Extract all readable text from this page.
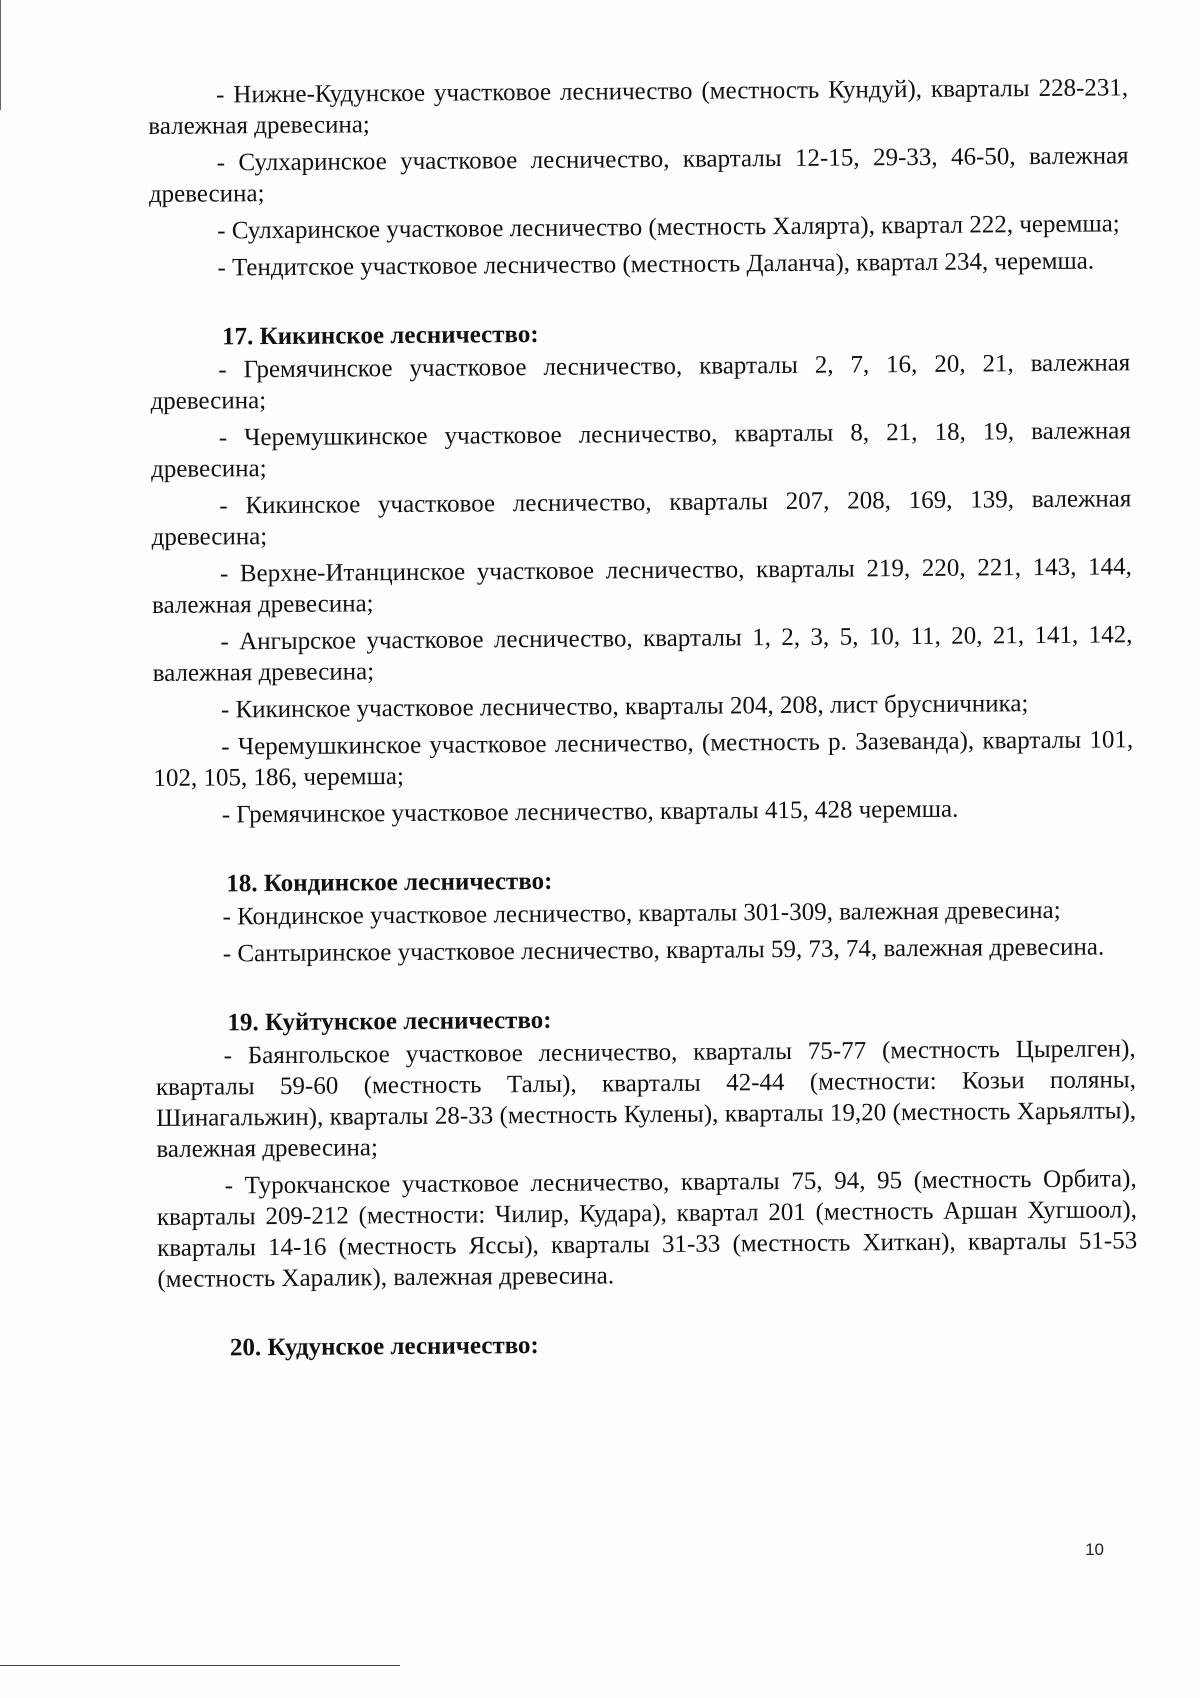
- Нижне-Кудунское участковое лесничество (местность Кундуй), кварталы 228-231, валежная древесина;

- Сулхаринское участковое лесничество, кварталы 12-15, 29-33, 46-50, валежная древесина;

- Сулхаринское участковое лесничество (местность Халярта), квартал 222, черемша;

- Тендитское участковое лесничество (местность Даланча), квартал 234, черемша.

17. Кикинское лесничество:

- Гремячинское участковое лесничество, кварталы 2, 7, 16, 20, 21, валежная древесина;

- Черемушкинское участковое лесничество, кварталы 8, 21, 18, 19, валежная древесина;

- Кикинское участковое лесничество, кварталы 207, 208, 169, 139, валежная древесина;

- Верхне-Итанцинское участковое лесничество, кварталы 219, 220, 221, 143, 144, валежная древесина;

- Ангырское участковое лесничество, кварталы 1, 2, 3, 5, 10, 11, 20, 21, 141, 142, валежная древесина;

- Кикинское участковое лесничество, кварталы 204, 208, лист брусничника;

- Черемушкинское участковое лесничество, (местность р. Зазеванда), кварталы 101, 102, 105, 186, черемша;

- Гремячинское участковое лесничество, кварталы 415, 428 черемша.

18. Кондинское лесничество:

- Кондинское участковое лесничество, кварталы 301-309, валежная древесина;

- Сантыринское участковое лесничество, кварталы 59, 73, 74, валежная древесина.

19. Куйтунское лесничество:

- Баянгольское участковое лесничество, кварталы 75-77 (местность Цырелген), кварталы 59-60 (местность Талы), кварталы 42-44 (местности: Козьи поляны, Шинагальжин), кварталы 28-33 (местность Кулены), кварталы 19,20 (местность Харьялты), валежная древесина;

- Турокчанское участковое лесничество, кварталы 75, 94, 95 (местность Орбита), кварталы 209-212 (местности: Чилир, Кудара), квартал 201 (местность Аршан Хугшоол), кварталы 14-16 (местность Яссы), кварталы 31-33 (местность Хиткан), кварталы 51-53 (местность Харалик), валежная древесина.

20. Кудунское лесничество:

10
